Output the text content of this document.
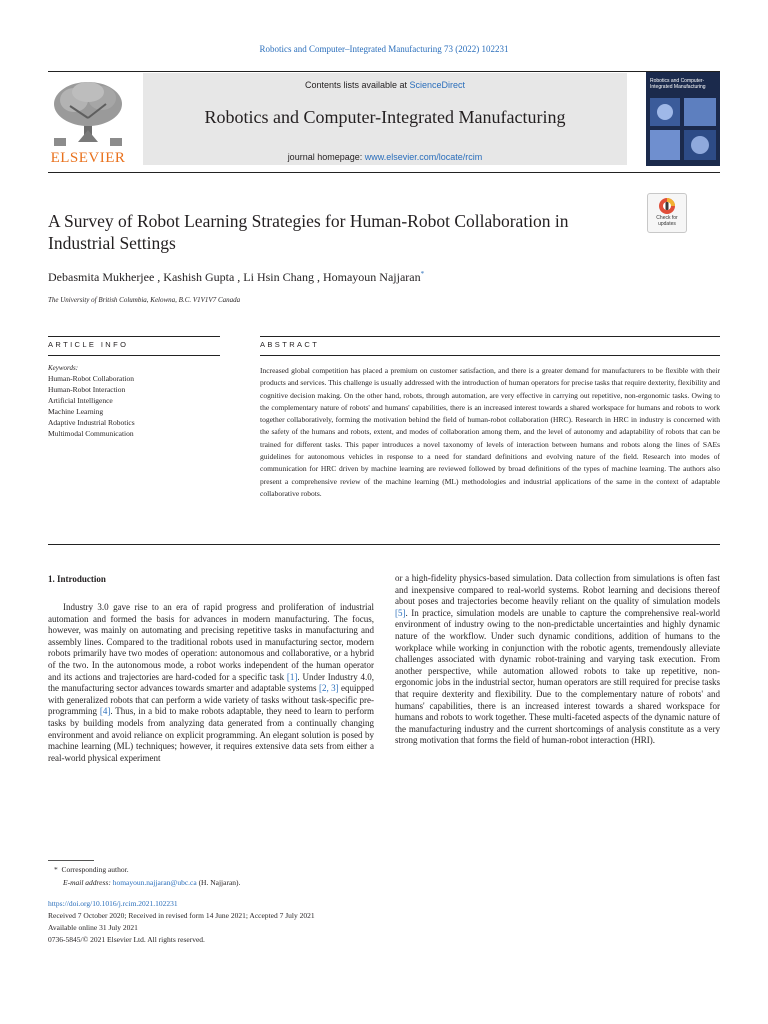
Robotics and Computer–Integrated Manufacturing 73 (2022) 102231
ELSEVIER
Contents lists available at ScienceDirect
Robotics and Computer-Integrated Manufacturing
journal homepage: www.elsevier.com/locate/rcim
Robotics and Computer-Integrated Manufacturing
A Survey of Robot Learning Strategies for Human-Robot Collaboration in Industrial Settings
Check for
updates
Debasmita Mukherjee , Kashish Gupta , Li Hsin Chang , Homayoun Najjaran*
The University of British Columbia, Kelowna, B.C. V1V1V7 Canada
ARTICLE INFO
Keywords:
Human-Robot Collaboration
Human-Robot Interaction
Artificial Intelligence
Machine Learning
Adaptive Industrial Robotics
Multimodal Communication
ABSTRACT
Increased global competition has placed a premium on customer satisfaction, and there is a greater demand for manufacturers to be flexible with their products and services. This challenge is usually addressed with the introduction of human operators for precise tasks that require dexterity, flexibility and cognitive decision making. On the other hand, robots, through automation, are very effective in carrying out repetitive, non-ergonomic tasks. Owing to the complementary nature of robots' and humans' capabilities, there is an increased interest towards a shared workspace for humans and robots to work together collaboratively, forming the motivation behind the field of human-robot collaboration (HRC). Research in HRC in industry is concerned with the safety of the humans and robots, extent, and modes of collaboration among them, and the level of autonomy and adaptability of robots that can be trained for different tasks. This paper introduces a novel taxonomy of levels of interaction between humans and robots along the lines of SAEs guidelines for autonomous vehicles in response to a need for standard definitions and evolving nature of the field. Research into modes of communication for HRC driven by machine learning are reviewed followed by broad definitions of the types of machine learning. The authors also present a comprehensive review of the machine learning (ML) methodologies and industrial applications of the same in the context of adaptable collaborative robots.
1. Introduction
Industry 3.0 gave rise to an era of rapid progress and proliferation of industrial automation and formed the basis for advances in modern manufacturing. The focus, however, was mainly on automating and precising repetitive tasks in manufacturing and assembly lines. Compared to the traditional robots used in manufacturing sector, modern robots primarily have two modes of operation: autonomous and collaborative, or a hybrid of the two. In the autonomous mode, a robot works independent of the human operator and its actions and trajectories are hard-coded for a specific task [1]. Under Industry 4.0, the manufacturing sector advances towards smarter and adaptable systems [2, 3] equipped with generalized robots that can perform a wide variety of tasks without task-specific pre-programming [4]. Thus, in a bid to make robots adaptable, they need to learn to perform tasks by building models from analyzing data generated from a continually changing environment and avoid reliance on explicit programming. An elegant solution is posed by machine learning (ML) techniques; however, it requires extensive data sets from either a real-world physical experiment
or a high-fidelity physics-based simulation. Data collection from simulations is often fast and inexpensive compared to real-world systems. Robot learning and decisions thereof about poses and trajectories become heavily reliant on the quality of simulation models [5]. In practice, simulation models are unable to capture the comprehensive real-world environment of industry owing to the non-predictable uncertainties and highly dynamic nature of the workflow. Under such dynamic conditions, addition of humans to the workplace while working in conjunction with the robotic agents, tremendously alleviate challenges associated with dynamic robot-training and varying task execution. From another perspective, while automation allowed robots to take up repetitive, non-ergonomic jobs in the industrial sector, human operators are still required for precise tasks that require dexterity and flexibility. Due to the complementary nature of robots' and humans' capabilities, there is an increased interest towards a shared workspace for humans and robots to work together. These multi-faceted aspects of the dynamic nature of the manufacturing industry and the current shortcomings of analysis constitute as a very strong motivation that forms the field of human-robot interaction (HRI).
* Corresponding author.
E-mail address: homayoun.najjaran@ubc.ca (H. Najjaran).
https://doi.org/10.1016/j.rcim.2021.102231
Received 7 October 2020; Received in revised form 14 June 2021; Accepted 7 July 2021
Available online 31 July 2021
0736-5845/© 2021 Elsevier Ltd. All rights reserved.
